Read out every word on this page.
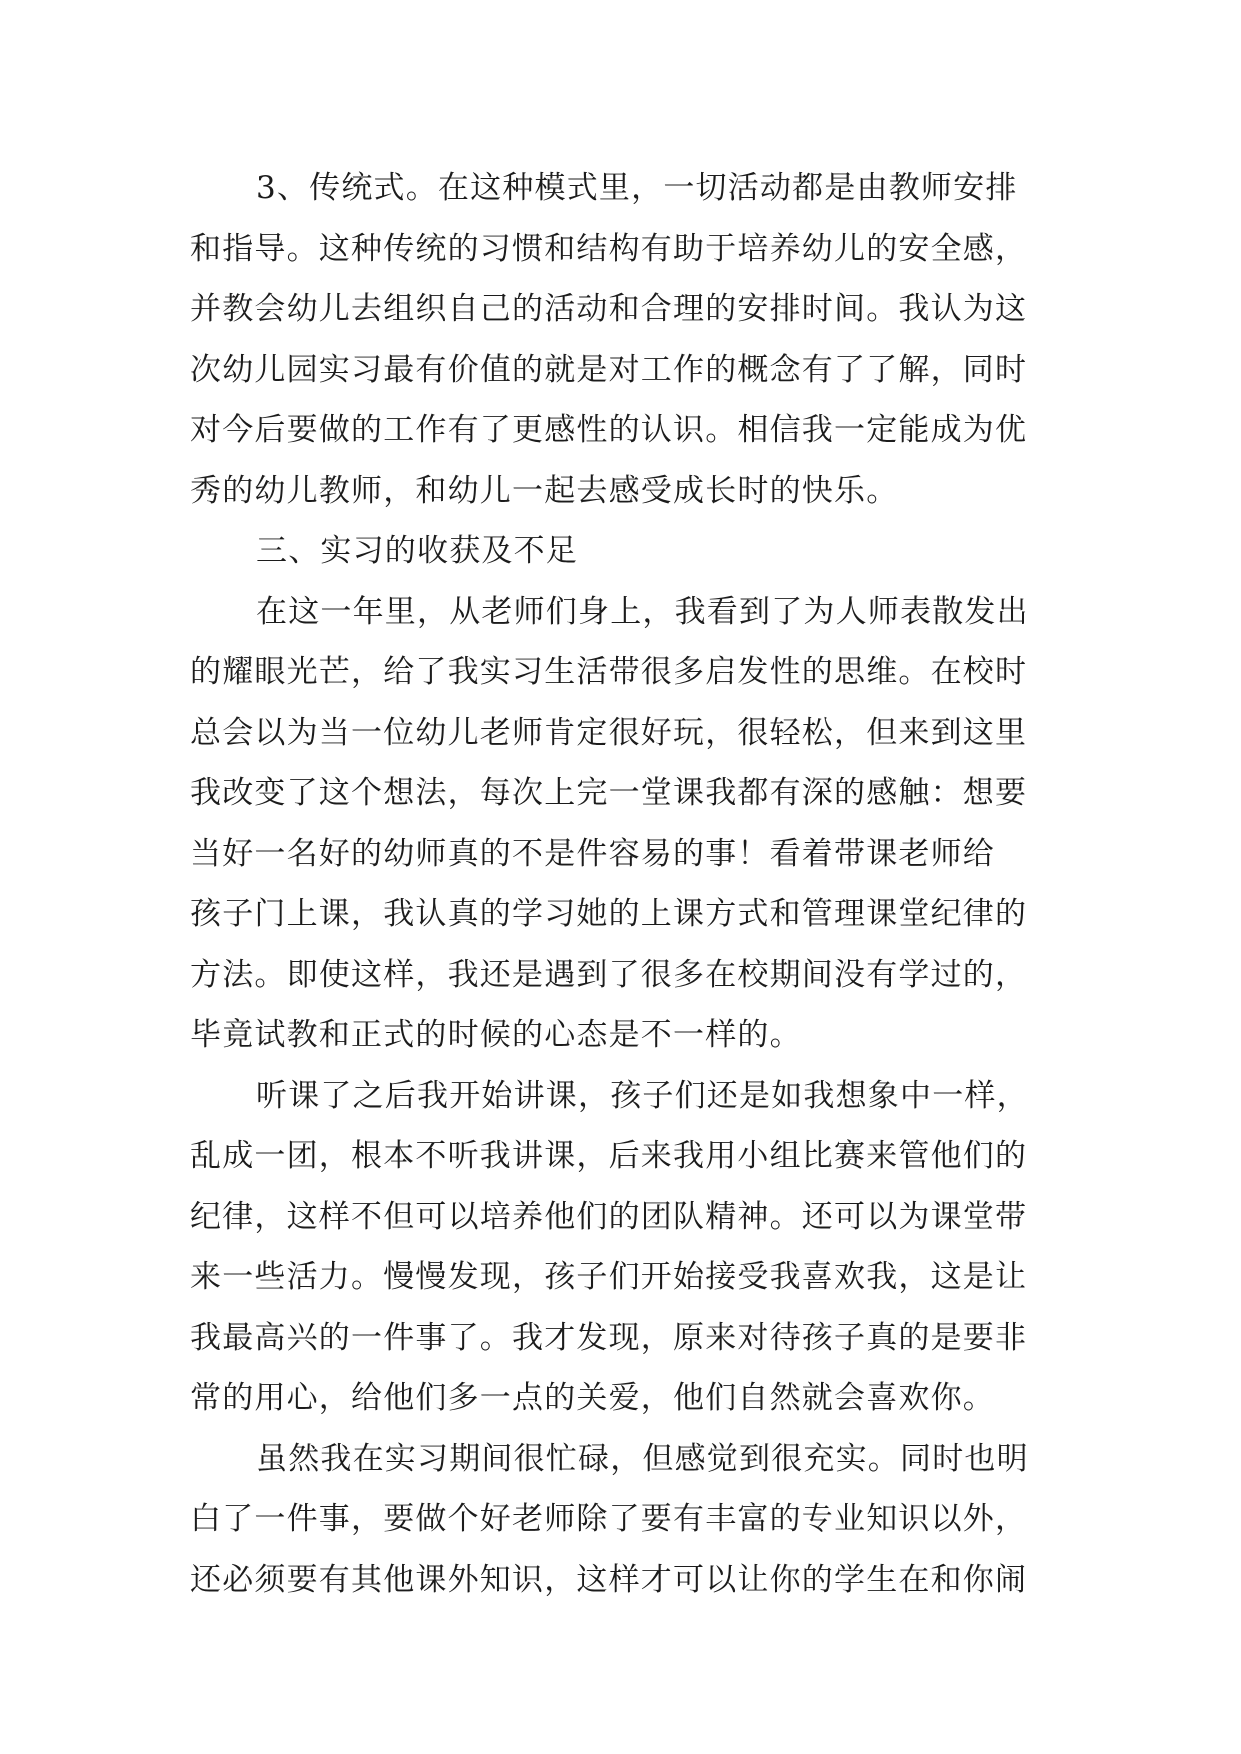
3、传统式。在这种模式里，一切活动都是由教师安排
和指导。这种传统的习惯和结构有助于培养幼儿的安全感，
并教会幼儿去组织自己的活动和合理的安排时间。我认为这
次幼儿园实习最有价值的就是对工作的概念有了了解，同时
对今后要做的工作有了更感性的认识。相信我一定能成为优
秀的幼儿教师，和幼儿一起去感受成长时的快乐。
三、实习的收获及不足
在这一年里，从老师们身上，我看到了为人师表散发出
的耀眼光芒，给了我实习生活带很多启发性的思维。在校时
总会以为当一位幼儿老师肯定很好玩，很轻松，但来到这里
我改变了这个想法，每次上完一堂课我都有深的感触：想要
当好一名好的幼师真的不是件容易的事！看着带课老师给
孩子门上课，我认真的学习她的上课方式和管理课堂纪律的
方法。即使这样，我还是遇到了很多在校期间没有学过的，
毕竟试教和正式的时候的心态是不一样的。
听课了之后我开始讲课，孩子们还是如我想象中一样，
乱成一团，根本不听我讲课，后来我用小组比赛来管他们的
纪律，这样不但可以培养他们的团队精神。还可以为课堂带
来一些活力。慢慢发现，孩子们开始接受我喜欢我，这是让
我最高兴的一件事了。我才发现，原来对待孩子真的是要非
常的用心，给他们多一点的关爱，他们自然就会喜欢你。
虽然我在实习期间很忙碌，但感觉到很充实。同时也明
白了一件事，要做个好老师除了要有丰富的专业知识以外，
还必须要有其他课外知识，这样才可以让你的学生在和你闹
